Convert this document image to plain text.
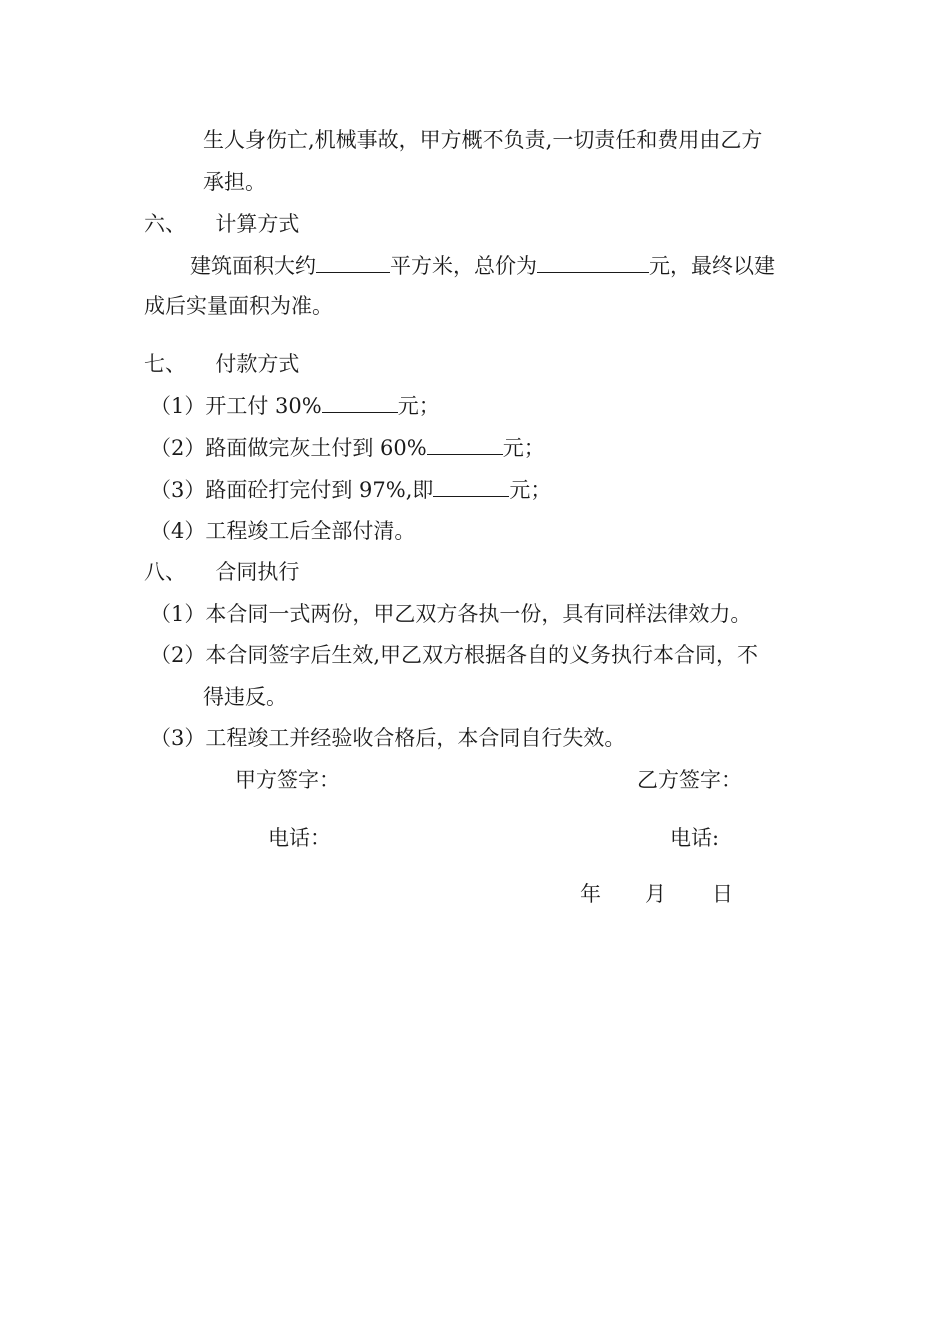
生人身伤亡,机械事故，甲方概不负责,一切责任和费用由乙方
承担。
六、 计算方式
建筑面积大约	平方米，总价为	元，最终以建
成后实量面积为准。
七、 付款方式
（1）开工付 30%	元；
（2）路面做完灰土付到 60%	元；
（3）路面砼打完付到 97%,即	元；
（4）工程竣工后全部付清。
八、 合同执行
（1）本合同一式两份，甲乙双方各执一份，具有同样法律效力。
（2）本合同签字后生效,甲乙双方根据各自的义务执行本合同，不
得违反。
（3）工程竣工并经验收合格后，本合同自行失效。
甲方签字：	乙方签字：
电话：	电话:
年 月 日
